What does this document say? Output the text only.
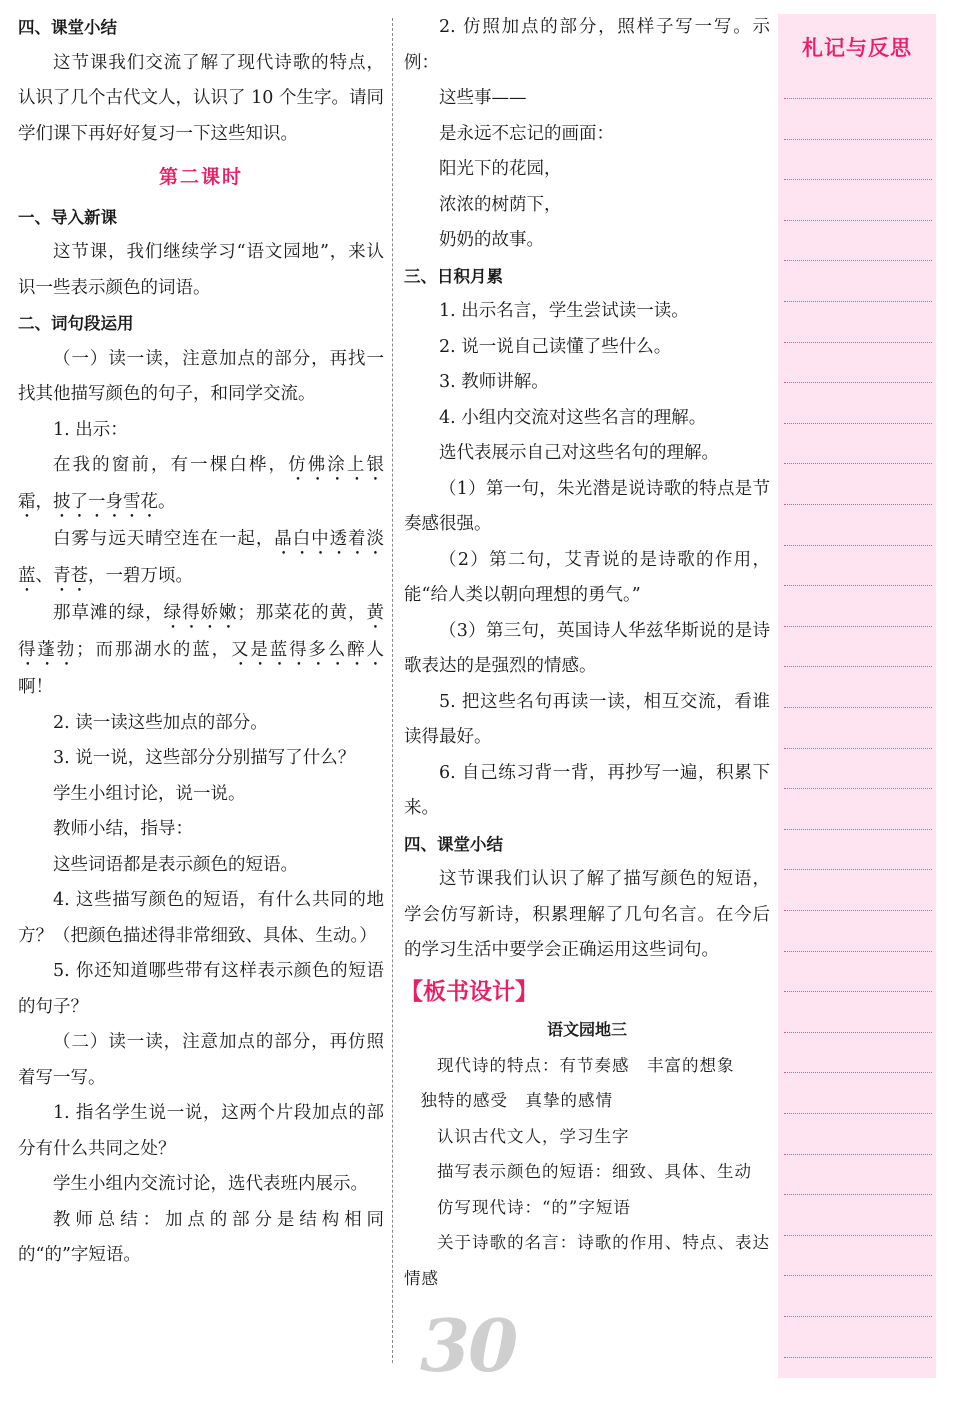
四、课堂小结

这节课我们交流了解了现代诗歌的特点，认识了几个古代文人，认识了 10 个生字。请同学们课下再好好复习一下这些知识。

第二课时
一、导入新课

这节课，我们继续学习“语文园地”，来认识一些表示颜色的词语。

二、词句段运用

（一）读一读，注意加点的部分，再找一找其他描写颜色的句子，和同学交流。

1. 出示：

在我的窗前，有一棵白桦，仿佛涂上银霜，披了一身雪花。

白雾与远天晴空连在一起，晶白中透着淡蓝、青苍，一碧万顷。

那草滩的绿，绿得娇嫩；那菜花的黄，黄得蓬勃；而那湖水的蓝，又是蓝得多么醉人啊！

2. 读一读这些加点的部分。

3. 说一说，这些部分分别描写了什么？

学生小组讨论，说一说。

教师小结，指导：

这些词语都是表示颜色的短语。

4. 这些描写颜色的短语，有什么共同的地方？（把颜色描述得非常细致、具体、生动。）

5. 你还知道哪些带有这样表示颜色的短语的句子？

（二）读一读，注意加点的部分，再仿照着写一写。

1. 指名学生说一说，这两个片段加点的部分有什么共同之处？

学生小组内交流讨论，选代表班内展示。

教师总结：加点的部分是结构相同的“的”字短语。

2. 仿照加点的部分，照样子写一写。示例：

这些事——

是永远不忘记的画面：

阳光下的花园，

浓浓的树荫下，

奶奶的故事。

三、日积月累

1. 出示名言，学生尝试读一读。

2. 说一说自己读懂了些什么。

3. 教师讲解。

4. 小组内交流对这些名言的理解。

选代表展示自己对这些名句的理解。

（1）第一句，朱光潜是说诗歌的特点是节奏感很强。

（2）第二句，艾青说的是诗歌的作用，能“给人类以朝向理想的勇气。”

（3）第三句，英国诗人华兹华斯说的是诗歌表达的是强烈的情感。

5. 把这些名句再读一读，相互交流，看谁读得最好。

6. 自己练习背一背，再抄写一遍，积累下来。

四、课堂小结

这节课我们认识了解了描写颜色的短语，学会仿写新诗，积累理解了几句名言。在今后的学习生活中要学会正确运用这些词句。

【板书设计】
语文园地三

现代诗的特点：有节奏感　丰富的想象

独特的感受　真挚的感情

认识古代文人，学习生字

描写表示颜色的短语：细致、具体、生动

仿写现代诗：“的”字短语

关于诗歌的名言：诗歌的作用、特点、表达情感

30
札记与反思
